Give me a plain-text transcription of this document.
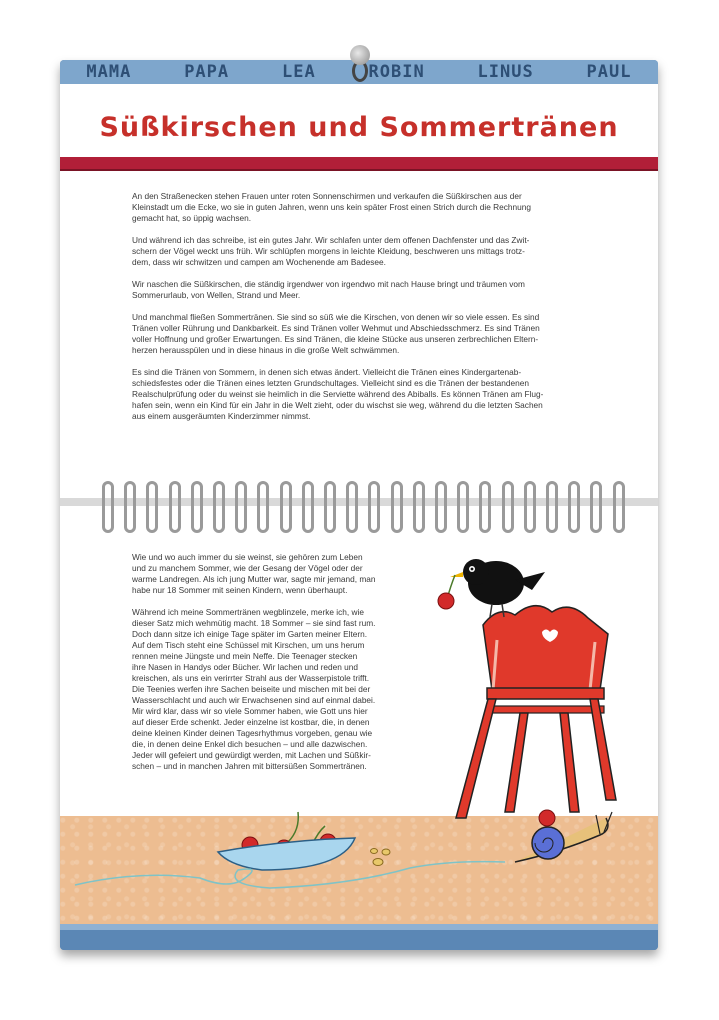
MAMA	PAPA	LEA	ROBIN	LINUS	PAUL
Süßkirschen und Sommertränen

An den Straßenecken stehen Frauen unter roten Sonnenschirmen und verkaufen die Süßkirschen aus der
Kleinstadt um die Ecke, wo sie in guten Jahren, wenn uns kein später Frost einen Strich durch die Rechnung
gemacht hat, so üppig wachsen.

Und während ich das schreibe, ist ein gutes Jahr. Wir schlafen unter dem offenen Dachfenster und das Zwit-
schern der Vögel weckt uns früh. Wir schlüpfen morgens in leichte Kleidung, beschweren uns mittags trotz-
dem, dass wir schwitzen und campen am Wochenende am Badesee.

Wir naschen die Süßkirschen, die ständig irgendwer von irgendwo mit nach Hause bringt und träumen vom
Sommerurlaub, von Wellen, Strand und Meer.

Und manchmal fließen Sommertränen. Sie sind so süß wie die Kirschen, von denen wir so viele essen. Es sind
Tränen voller Rührung und Dankbarkeit. Es sind Tränen voller Wehmut und Abschiedsschmerz. Es sind Tränen
voller Hoffnung und großer Erwartungen. Es sind Tränen, die kleine Stücke aus unseren zerbrechlichen Eltern-
herzen herausspülen und in diese hinaus in die große Welt schwämmen.

Es sind die Tränen von Sommern, in denen sich etwas ändert. Vielleicht die Tränen eines Kindergartenab-
schiedsfestes oder die Tränen eines letzten Grundschultages. Vielleicht sind es die Tränen der bestandenen
Realschulprüfung oder du weinst sie heimlich in die Serviette während des Abiballs. Es können Tränen am Flug-
hafen sein, wenn ein Kind für ein Jahr in die Welt zieht, oder du wischst sie weg, während du die letzten Sachen
aus einem ausgeräumten Kinderzimmer nimmst.

Wie und wo auch immer du sie weinst, sie gehören zum Leben
und zu manchem Sommer, wie der Gesang der Vögel oder der
warme Landregen. Als ich jung Mutter war, sagte mir jemand, man
habe nur 18 Sommer mit seinen Kindern, wenn überhaupt.

Während ich meine Sommertränen wegblinzele, merke ich, wie
dieser Satz mich wehmütig macht. 18 Sommer – sie sind fast rum.
Doch dann sitze ich einige Tage später im Garten meiner Eltern.
Auf dem Tisch steht eine Schüssel mit Kirschen, um uns herum
rennen meine Jüngste und mein Neffe. Die Teenager stecken
ihre Nasen in Handys oder Bücher. Wir lachen und reden und
kreischen, als uns ein verirrter Strahl aus der Wasserpistole trifft.
Die Teenies werfen ihre Sachen beiseite und mischen mit bei der
Wasserschlacht und auch wir Erwachsenen sind auf einmal dabei.
Mir wird klar, dass wir so viele Sommer haben, wie Gott uns hier
auf dieser Erde schenkt. Jeder einzelne ist kostbar, die, in denen
deine kleinen Kinder deinen Tagesrhythmus vorgeben, genau wie
die, in denen deine Enkel dich besuchen – und alle dazwischen.
Jeder will gefeiert und gewürdigt werden, mit Lachen und Süßkir-
schen – und in manchen Jahren mit bittersüßen Sommertränen.
